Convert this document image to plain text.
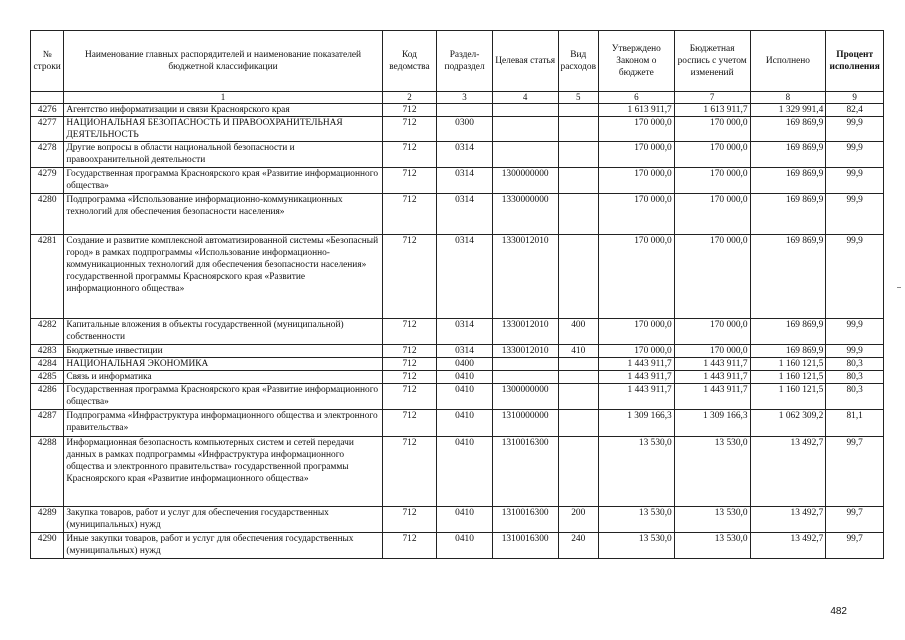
№ строки	Наименование главных распорядителей и наименование показателей бюджетной классификации	Код ведомства	Раздел-подраздел	Целевая статья	Вид расходов	Утверждено Законом о бюджете	Бюджетная роспись с учетом изменений	Исполнено	Процент исполнения
	1	2	3	4	5	6	7	8	9
4276	Агентство информатизации и связи Красноярского края	712				1 613 911,7	1 613 911,7	1 329 991,4	82,4
4277	НАЦИОНАЛЬНАЯ БЕЗОПАСНОСТЬ И ПРАВООХРАНИТЕЛЬНАЯ ДЕЯТЕЛЬНОСТЬ	712	0300			170 000,0	170 000,0	169 869,9	99,9
4278	Другие вопросы в области национальной безопасности и правоохранительной деятельности	712	0314			170 000,0	170 000,0	169 869,9	99,9
4279	Государственная программа Красноярского края «Развитие информационного общества»	712	0314	1300000000		170 000,0	170 000,0	169 869,9	99,9
4280	Подпрограмма «Использование информационно-коммуникационных технологий для обеспечения безопасности населения»	712	0314	1330000000		170 000,0	170 000,0	169 869,9	99,9
4281	Создание и развитие комплексной автоматизированной системы «Безопасный город» в рамках подпрограммы «Использование информационно-коммуникационных технологий для обеспечения безопасности населения» государственной программы Красноярского края «Развитие информационного общества»	712	0314	1330012010		170 000,0	170 000,0	169 869,9	99,9
4282	Капитальные вложения в объекты государственной (муниципальной) собственности	712	0314	1330012010	400	170 000,0	170 000,0	169 869,9	99,9
4283	Бюджетные инвестиции	712	0314	1330012010	410	170 000,0	170 000,0	169 869,9	99,9
4284	НАЦИОНАЛЬНАЯ ЭКОНОМИКА	712	0400			1 443 911,7	1 443 911,7	1 160 121,5	80,3
4285	Связь и информатика	712	0410			1 443 911,7	1 443 911,7	1 160 121,5	80,3
4286	Государственная программа Красноярского края «Развитие информационного общества»	712	0410	1300000000		1 443 911,7	1 443 911,7	1 160 121,5	80,3
4287	Подпрограмма «Инфраструктура информационного общества и электронного правительства»	712	0410	1310000000		1 309 166,3	1 309 166,3	1 062 309,2	81,1
4288	Информационная безопасность компьютерных систем и сетей передачи данных в рамках подпрограммы «Инфраструктура информационного общества и электронного правительства» государственной программы Красноярского края «Развитие информационного общества»	712	0410	1310016300		13 530,0	13 530,0	13 492,7	99,7
4289	Закупка товаров, работ и услуг для обеспечения государственных (муниципальных) нужд	712	0410	1310016300	200	13 530,0	13 530,0	13 492,7	99,7
4290	Иные закупки товаров, работ и услуг для обеспечения государственных (муниципальных) нужд	712	0410	1310016300	240	13 530,0	13 530,0	13 492,7	99,7
482
